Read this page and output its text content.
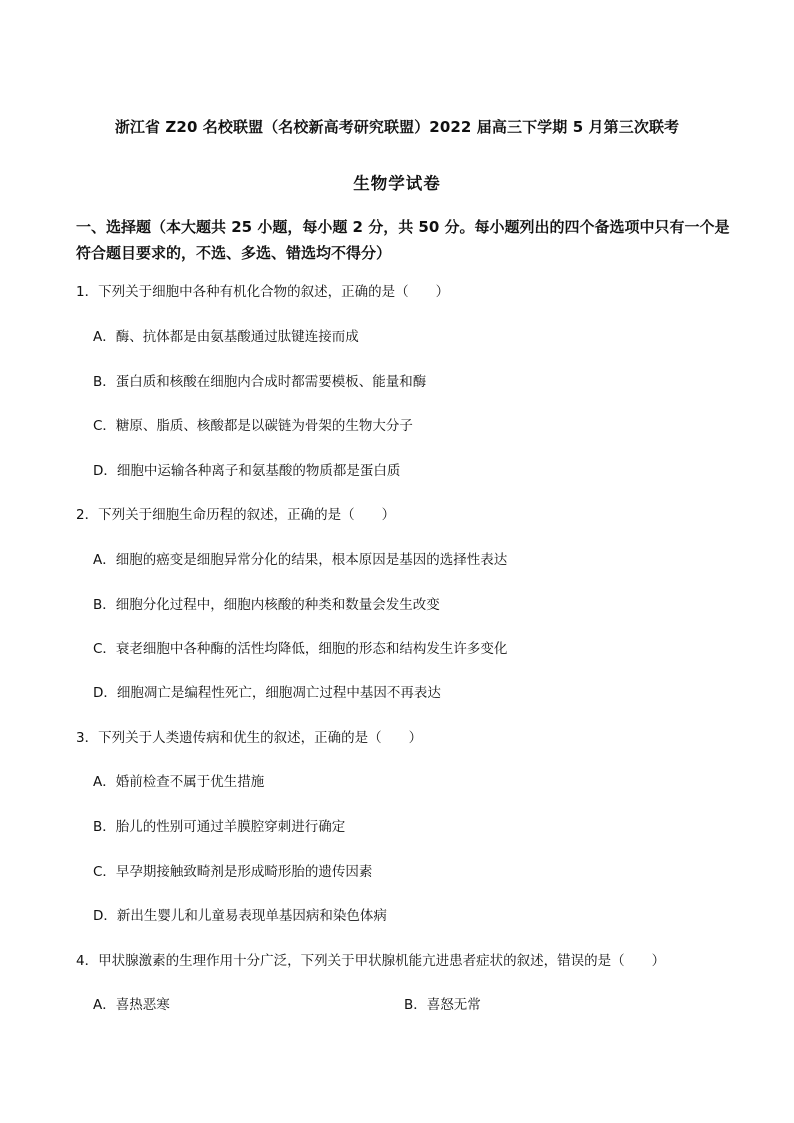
浙江省 Z20 名校联盟（名校新高考研究联盟）2022 届高三下学期 5 月第三次联考
生物学试卷
一、选择题（本大题共 25 小题，每小题 2 分，共 50 分。每小题列出的四个备选项中只有一个是符合题目要求的，不选、多选、错选均不得分）
1．下列关于细胞中各种有机化合物的叙述，正确的是（　　）
A．酶、抗体都是由氨基酸通过肽键连接而成
B．蛋白质和核酸在细胞内合成时都需要模板、能量和酶
C．糖原、脂质、核酸都是以碳链为骨架的生物大分子
D．细胞中运输各种离子和氨基酸的物质都是蛋白质
2．下列关于细胞生命历程的叙述，正确的是（　　）
A．细胞的癌变是细胞异常分化的结果，根本原因是基因的选择性表达
B．细胞分化过程中，细胞内核酸的种类和数量会发生改变
C．衰老细胞中各种酶的活性均降低，细胞的形态和结构发生许多变化
D．细胞凋亡是编程性死亡，细胞凋亡过程中基因不再表达
3．下列关于人类遗传病和优生的叙述，正确的是（　　）
A．婚前检查不属于优生措施
B．胎儿的性别可通过羊膜腔穿刺进行确定
C．早孕期接触致畸剂是形成畸形胎的遗传因素
D．新出生婴儿和儿童易表现单基因病和染色体病
4．甲状腺激素的生理作用十分广泛，下列关于甲状腺机能亢进患者症状的叙述，错误的是（　　）
A．喜热恶寒	B．喜怒无常
